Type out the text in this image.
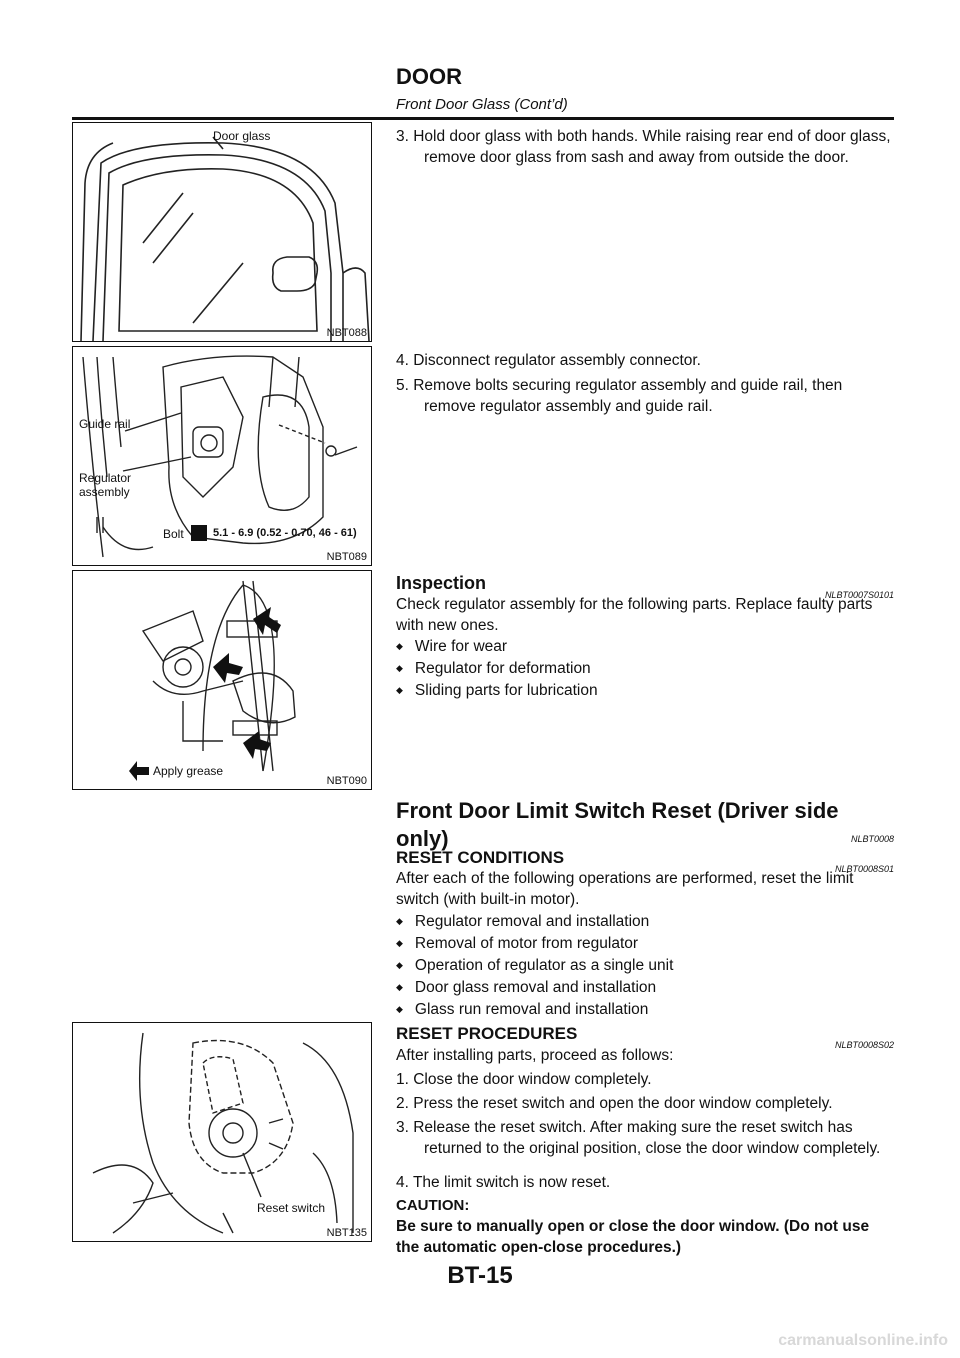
DOOR
Front Door Glass (Cont’d)
Door glass
NBT088
Guide rail
Regulator
assembly
Bolt	5.1 - 6.9 (0.52 - 0.70, 46 - 61)
NBT089
Apply grease
NBT090
Reset switch
NBT135
3. Hold door glass with both hands. While raising rear end of door glass, remove door glass from sash and away from outside the door.
4. Disconnect regulator assembly connector.
5. Remove bolts securing regulator assembly and guide rail, then remove regulator assembly and guide rail.
Inspection
NLBT0007S0101
Check regulator assembly for the following parts. Replace faulty parts with new ones.
◆ Wire for wear
◆ Regulator for deformation
◆ Sliding parts for lubrication
Front Door Limit Switch Reset (Driver side only)	NLBT0008
RESET CONDITIONS
NLBT0008S01
After each of the following operations are performed, reset the limit switch (with built-in motor).
◆ Regulator removal and installation
◆ Removal of motor from regulator
◆ Operation of regulator as a single unit
◆ Door glass removal and installation
◆ Glass run removal and installation
RESET PROCEDURES
NLBT0008S02
After installing parts, proceed as follows:
1. Close the door window completely.
2. Press the reset switch and open the door window completely.
3. Release the reset switch. After making sure the reset switch has returned to the original position, close the door window completely.
4. The limit switch is now reset.
CAUTION:
Be sure to manually open or close the door window. (Do not use the automatic open-close procedures.)
BT-15
carmanualsonline.info
